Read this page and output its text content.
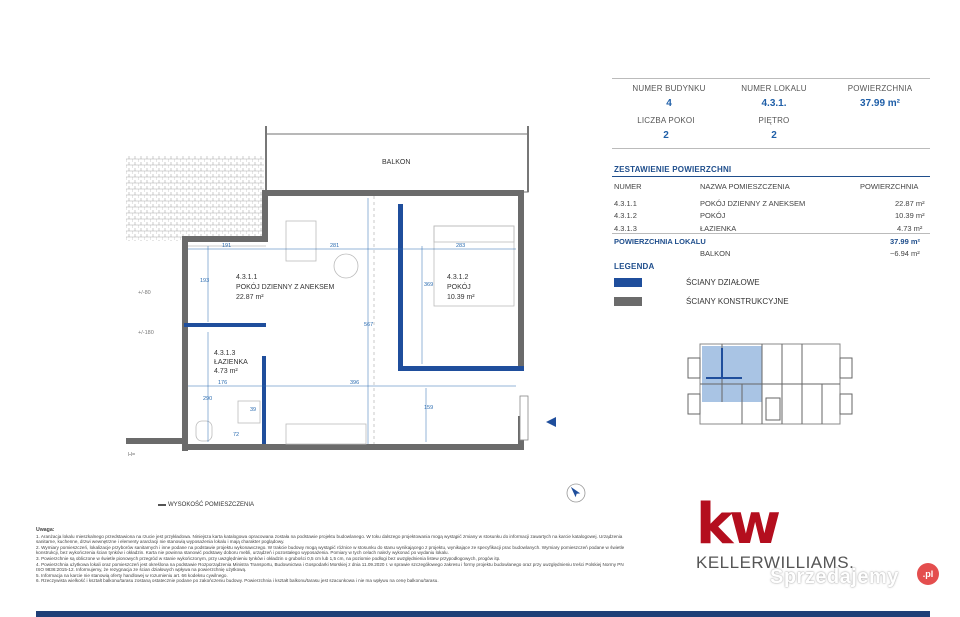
NUMER BUDYNKU
4
NUMER LOKALU
4.3.1.
POWIERZCHNIA
37.99 m²
LICZBA POKOI
2
PIĘTRO
2
ZESTAWIENIE POWIERZCHNI
NUMER	NAZWA POMIESZCZENIA	POWIERZCHNIA
4.3.1.1	POKÓJ DZIENNY Z ANEKSEM	22.87 m²
4.3.1.2	POKÓJ	10.39 m²
4.3.1.3	ŁAZIENKA	4.73 m²
POWIERZCHNIA LOKALU	37.99 m²
BALKON	~6.94 m²
LEGENDA
ŚCIANY DZIAŁOWE
ŚCIANY KONSTRUKCYJNE
BALKON
4.3.1.1
POKÓJ DZIENNY Z ANEKSEM
22.87 m²
4.3.1.2
POKÓJ
10.39 m²
4.3.1.3
ŁAZIENKA
4.73 m²
191	281	283
193
369
567
176	396
290
39
72
159
+/-80
+/-180
H=
WYSOKOŚĆ POMIESZCZENIA
Uwaga:
1. Aranżacja lokalu mieszkalnego przedstawiona na rzucie jest przykładowa. Niniejsza karta katalogowa opracowana została na podstawie projektu budowlanego. W toku dalszego projektowania mogą wystąpić zmiany w stosunku do informacji zawartych na karcie katalogowej. Urządzenia sanitarne, kuchenne, drzwi wewnętrzne i elementy aranżacji nie stanowią wyposażenia lokalu i mają charakter poglądowy.
2. Wymiary pomieszczeń, lokalizacje przyborów sanitarnych i inne podane na podstawie projektu wykonawczego. W trakcie budowy mogą wystąpić różnice w stosunku do stanu wynikającego z projektu, wynikające ze specyfikacji prac budowlanych. Wymiary pomieszczeń podane w świetle konstrukcji, bez wykończenia ścian tynków i okładzin. Karta nie powinna stanowić podstawy doboru mebli, urządzeń i pozostałego wyposażenia. Pomiary w tych celach należy wykonać po wydaniu lokalu.
3. Powierzchnie są obliczone w świetle pionowych przegród w stanie wykończonym, przy uwzględnieniu tynków i okładzin o grubości 0,5 cm lub 1,5 cm, na poziomie podłogi bez uwzględnienia listew przypodłogowych, progów itp.
4. Powierzchnia użytkowa lokali oraz pomieszczeń jest określona na podstawie Rozporządzenia Ministra Transportu, Budownictwa i Gospodarki Morskiej z dnia 11.09.2020 r. w sprawie szczegółowego zakresu i formy projektu budowlanego oraz przy uwzględnieniu treści Polskiej Normy PN ISO 9836:2015-12. Informujemy, że rezygnacja ze ścian działowych wpływa na powierzchnię użytkową.
5. Informacja na karcie nie stanowią oferty handlowej w rozumieniu art. 66 kodeksu cywilnego.
6. Rzeczywista wielkość i kształt balkonu/tarasu zostaną ostatecznie podane po zakończeniu budowy. Powierzchnia i kształt balkonu/tarasu jest szacunkowa i nie ma wpływu na cenę balkonu/tarasu.
kw
KELLERWILLIAMS.
Sprzedajemy	.pl
